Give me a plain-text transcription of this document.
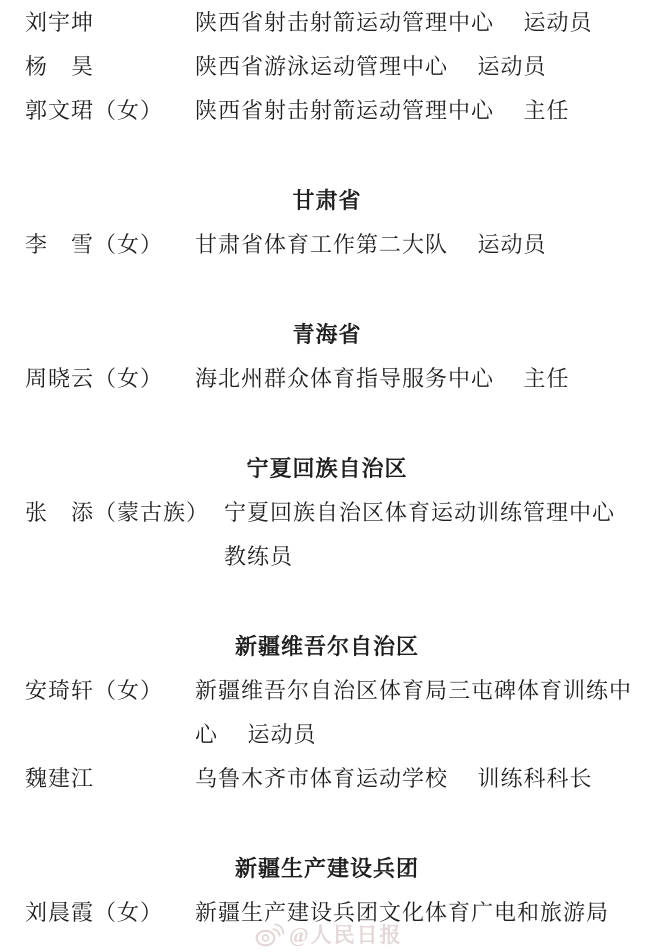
刘宇坤	陕西省射击射箭运动管理中心　 运动员
杨　昊	陕西省游泳运动管理中心　 运动员
郭文珺（女）	陕西省射击射箭运动管理中心　 主任
甘肃省
李　雪（女）	甘肃省体育工作第二大队　 运动员
青海省
周晓云（女）	海北州群众体育指导服务中心　 主任
宁夏回族自治区
张　添（蒙古族） 宁夏回族自治区体育运动训练管理中心
教练员
新疆维吾尔自治区
安琦轩（女）	新疆维吾尔自治区体育局三屯碑体育训练中
心　 运动员
魏建江	乌鲁木齐市体育运动学校　 训练科科长
新疆生产建设兵团
刘晨霞（女）	新疆生产建设兵团文化体育广电和旅游局
@人民日报
